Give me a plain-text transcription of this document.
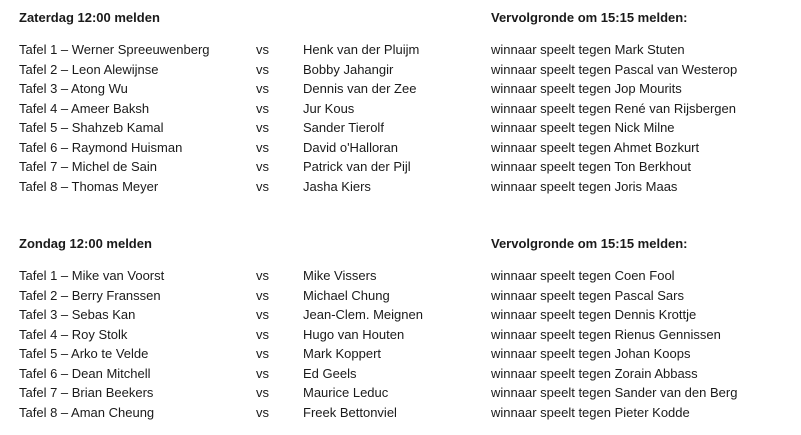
Zaterdag 12:00 melden	Vervolgronde om 15:15 melden:
Tafel 1 – Werner Spreeuwenberg	vs	Henk van der Pluijm	winnaar speelt tegen Mark Stuten
Tafel 2 – Leon Alewijnse	vs	Bobby Jahangir	winnaar speelt tegen Pascal van Westerop
Tafel 3 – Atong Wu	vs	Dennis van der Zee	winnaar speelt tegen Jop Mourits
Tafel 4 – Ameer Baksh	vs	Jur Kous	winnaar speelt tegen René van Rijsbergen
Tafel 5 – Shahzeb Kamal	vs	Sander Tierolf	winnaar speelt tegen Nick Milne
Tafel 6 – Raymond Huisman	vs	David o'Halloran	winnaar speelt tegen Ahmet Bozkurt
Tafel 7 – Michel de Sain	vs	Patrick van der Pijl	winnaar speelt tegen Ton Berkhout
Tafel 8 – Thomas Meyer	vs	Jasha Kiers	winnaar speelt tegen Joris Maas
Zondag 12:00 melden	Vervolgronde om 15:15 melden:
Tafel 1 – Mike van Voorst	vs	Mike Vissers	winnaar speelt tegen Coen Fool
Tafel 2 – Berry Franssen	vs	Michael Chung	winnaar speelt tegen Pascal Sars
Tafel 3 – Sebas Kan	vs	Jean-Clem. Meignen	winnaar speelt tegen Dennis Krottje
Tafel 4 – Roy Stolk	vs	Hugo van Houten	winnaar speelt tegen Rienus Gennissen
Tafel 5 – Arko te Velde	vs	Mark Koppert	winnaar speelt tegen Johan Koops
Tafel 6 – Dean Mitchell	vs	Ed Geels	winnaar speelt tegen Zorain Abbass
Tafel 7 – Brian Beekers	vs	Maurice Leduc	winnaar speelt tegen Sander van den Berg
Tafel 8 – Aman Cheung	vs	Freek Bettonviel	winnaar speelt tegen Pieter Kodde
